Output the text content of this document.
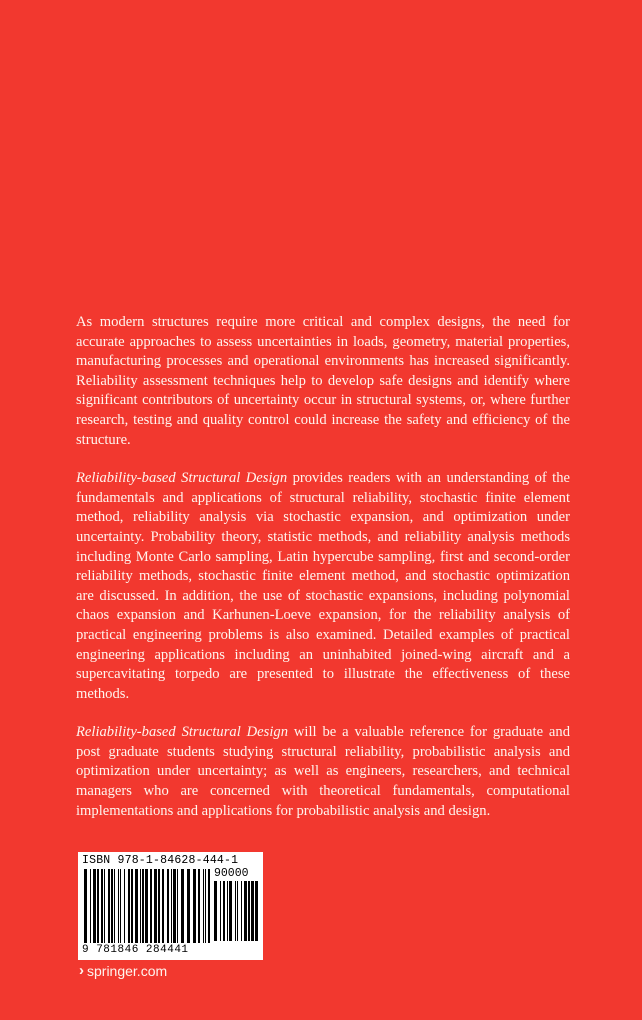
As modern structures require more critical and complex designs, the need for accurate approaches to assess uncertainties in loads, geometry, material properties, manufacturing processes and operational environments has increased significantly. Reliability assessment techniques help to develop safe designs and identify where significant contributors of uncertainty occur in structural systems, or, where further research, testing and quality control could increase the safety and efficiency of the structure.

Reliability-based Structural Design provides readers with an understanding of the fundamentals and applications of structural reliability, stochastic finite element method, reliability analysis via stochastic expansion, and optimization under uncertainty. Probability theory, statistic methods, and reliability analysis methods including Monte Carlo sampling, Latin hypercube sampling, first and second-order reliability methods, stochastic finite element method, and stochastic optimization are discussed. In addition, the use of stochastic expansions, including polynomial chaos expansion and Karhunen-Loeve expansion, for the reliability analysis of practical engineering problems is also examined. Detailed examples of practical engineering applications including an uninhabited joined-wing aircraft and a supercavitating torpedo are presented to illustrate the effectiveness of these methods.

Reliability-based Structural Design will be a valuable reference for graduate and post graduate students studying structural reliability, probabilistic analysis and optimization under uncertainty; as well as engineers, researchers, and technical managers who are concerned with theoretical fundamentals, computational implementations and applications for probabilistic analysis and design.

ISBN 978-1-84628-444-1
90000
9 781846 284441
› springer.com
